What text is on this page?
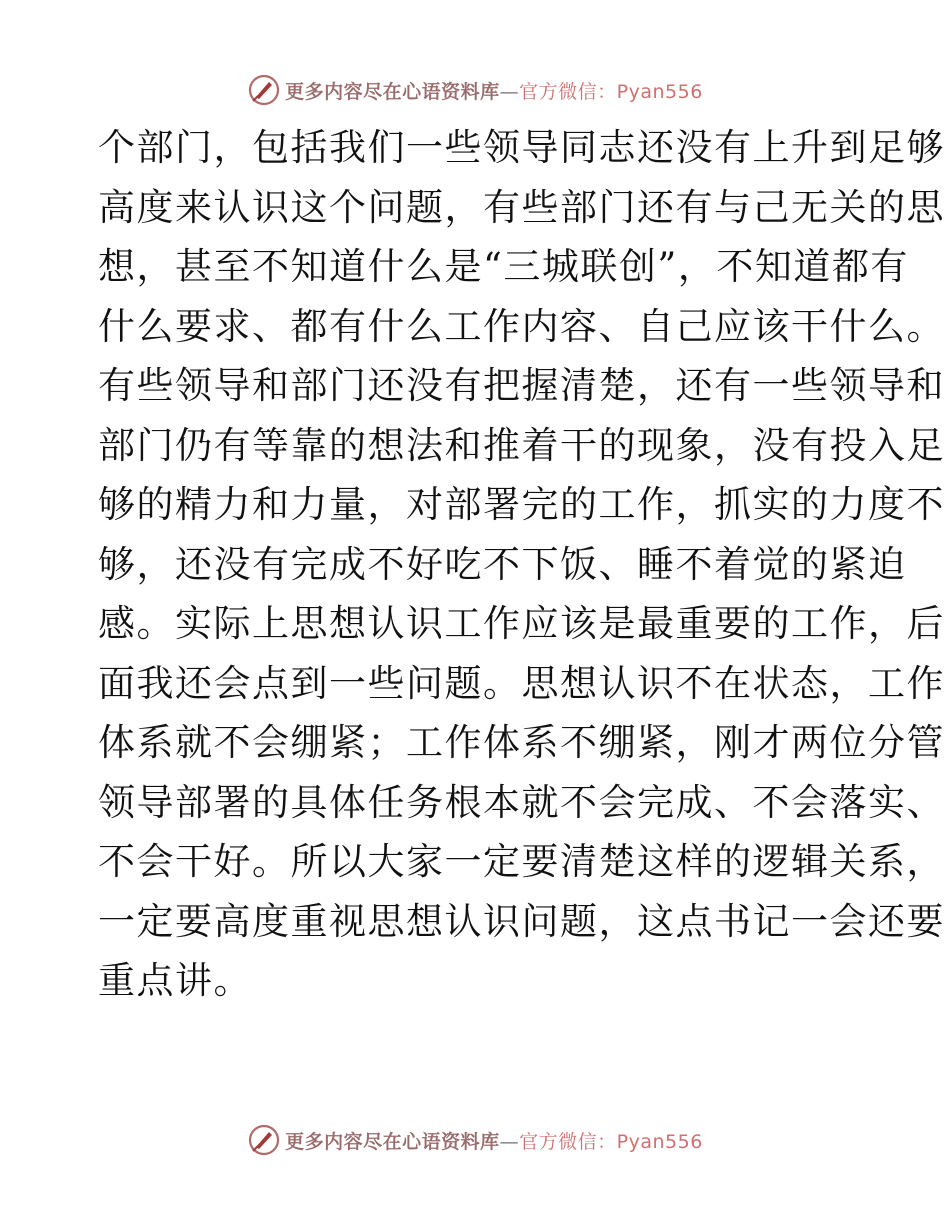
更多内容尽在心语资料库—官方微信：Pyan556
个部门，包括我们一些领导同志还没有上升到足够
高度来认识这个问题，有些部门还有与己无关的思
想，甚至不知道什么是“三城联创”，不知道都有
什么要求、都有什么工作内容、自己应该干什么。
有些领导和部门还没有把握清楚，还有一些领导和
部门仍有等靠的想法和推着干的现象，没有投入足
够的精力和力量，对部署完的工作，抓实的力度不
够，还没有完成不好吃不下饭、睡不着觉的紧迫
感。实际上思想认识工作应该是最重要的工作，后
面我还会点到一些问题。思想认识不在状态，工作
体系就不会绷紧；工作体系不绷紧，刚才两位分管
领导部署的具体任务根本就不会完成、不会落实、
不会干好。所以大家一定要清楚这样的逻辑关系，
一定要高度重视思想认识问题，这点书记一会还要
重点讲。
更多内容尽在心语资料库—官方微信：Pyan556
